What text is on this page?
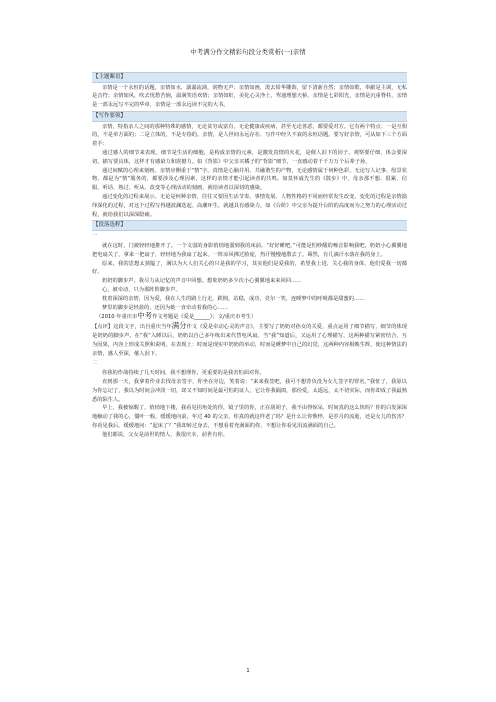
中考满分作文精彩句段分类赏析(一)亲情
【主题絮语】

亲情是一个永恒的话题。亲情如水，潺潺流淌，润物无声；亲情如画，泼去铅华雕饰，留下清新自然；亲情如歌，奉献是主调，无私是音符；亲情如风，吹去忧愁苦恼，溢满笑语欢情；亲情如虹，美化心灵净土，驾通理想天桥。亲情是七彩阳光，亲情是沉重脊柱，亲情是一部永远写不完的华章，亲情是一部永远读不完的大书。

【写作要领】

亲情，特指亲人之间的那种特殊的感情，无论贫穷或富有，无论健康或疾病，甚至无论善恶，都要爱对方。它有两个特点：一是互相的，不是单方面的；二是立体的，不是专指的。亲情，是人世间永远存在、写作中经久不衰的永恒话题。要写好亲情，可从如下三个方面着手：

通过感人的细节来表现。细节是生活的细胞，是构成亲情的元素，是激发真情的火花，是催人泪下的因子。观察要仔细，体会要深切，描写要具体，这样才有感染力和震撼力。如《背影》中父亲买橘子的“背影”细节，一直感动着千千万万个后辈子孙。

通过间赋的心理来刻画。亲情应侧重于“情”字。真情是心脑并用、共融谐生的产物，无论感情属于何种色彩，无论写人记事、绘景状物，都是为“情”服务的，都要涉及心理因素，这样的亲情才能引起读者的共鸣。如莫怀戚先生的《散步》中，母亲那不想、很累、信服、听话、熟过、听从、改变等心理活动的刻画，就给读者以深切的感染。

通过变化的过程来展示。无论是何种亲情，往往又要因生活节奏、事情发展、人物性格的不同而经常发生改变，变化的过程是亲情演绎深化的过程，对这个过程写得越波澜迭起、高潮环生，就越具有感染力。如《台阶》中父亲为提升台阶的高度而为之努力的心理活动过程，就给我们以深深隐痛。

【段落选粹】
一

就在这时，门被轻轻地推开了。一个文弱的身影悄悄地溜到我的床前。“好好睡吧。”可能是怕吵醒的噪音影响我吧，奶奶小心翼翼地把电扇关了，拿来一把扇子，轻轻地为我扇了起来。一阵凉风拂过脸庞，热汗慢慢地散去了。蓦然，有几滴汗水落在我的身上。

原来，我的思想太狭隘了，满以为大人们关心的只是我的学习，其实他们是爱我的，希望我上进，关心我的身体，他们爱我一切都好。

奶奶的脚步声，我尽力从记忆的声音中回想。想象奶奶多少次小心翼翼地来来回回……

心，被牵动，只为那阵阵脚步声。

枕着深深的亲情，因为爱，我在人生的路上行走，跌倒，站稳，成功，竞尔一笑，连睡梦中的呼吸都是甜蜜的……

梦里的脚步是轻盈的，还因为她一直牵动着我的心……

（2010 年重庆市中考作文考题是《爱是______》；文/重庆市考生）

【点评】这段文字，出自重庆当年满分作文《爱是牵动心灵的声音》，主要写了奶奶对孙女的关爱，重点运用了细节描写，细节的体现是奶奶的脚步声。在“我”入睡以后，奶奶以自己多年练出来代替电风扇。当“我”知道后，又运用了心理描写，这两种描写紧密结合，互为因果，内容上形成关照和说明。在表现上：时而是现实中奶奶的举动，时而是睡梦中自己的幻觉，这两种内容相映生辉，使这种情法的亲情，感人至深，催人泪下。

二

你我的作战持续了几天时间，我不想理你，更重要的是我害怕面对你。

直到那一天，我拿着作业去找母亲签字，你坐在旁边，笑着说：“来来我签吧，我可不想背负没为女儿签字的罪名。”我怔了，我原以为你忘记了，我以为时间会冲淡一切，却又不知时间是最可怕的证人，它让你我隔阂，那份爱，太遥远，太不切实际，而你却成了我最熟悉的陌生人。

早上，我被惊醒了，悄悄地下楼，我看见拐角处的你，镜子里的你，正在刮胡子，我不由得惊呆，时间真的这么快吗？你的白发深深地触动了我的心，僵叶一般，缓缓地向前，年过 40 的父亲，你真的就这样老了吗？是什么让你憔悴，是岁月的流逝，还是女儿的伤害？你看见我后，缓缓地问：“起床了？”我却转过身去，不想看着充满面的你，不想让你看见泪流满面的自己。

他们都说，父女是前世的情人，我很庆幸，前世有你。

1
